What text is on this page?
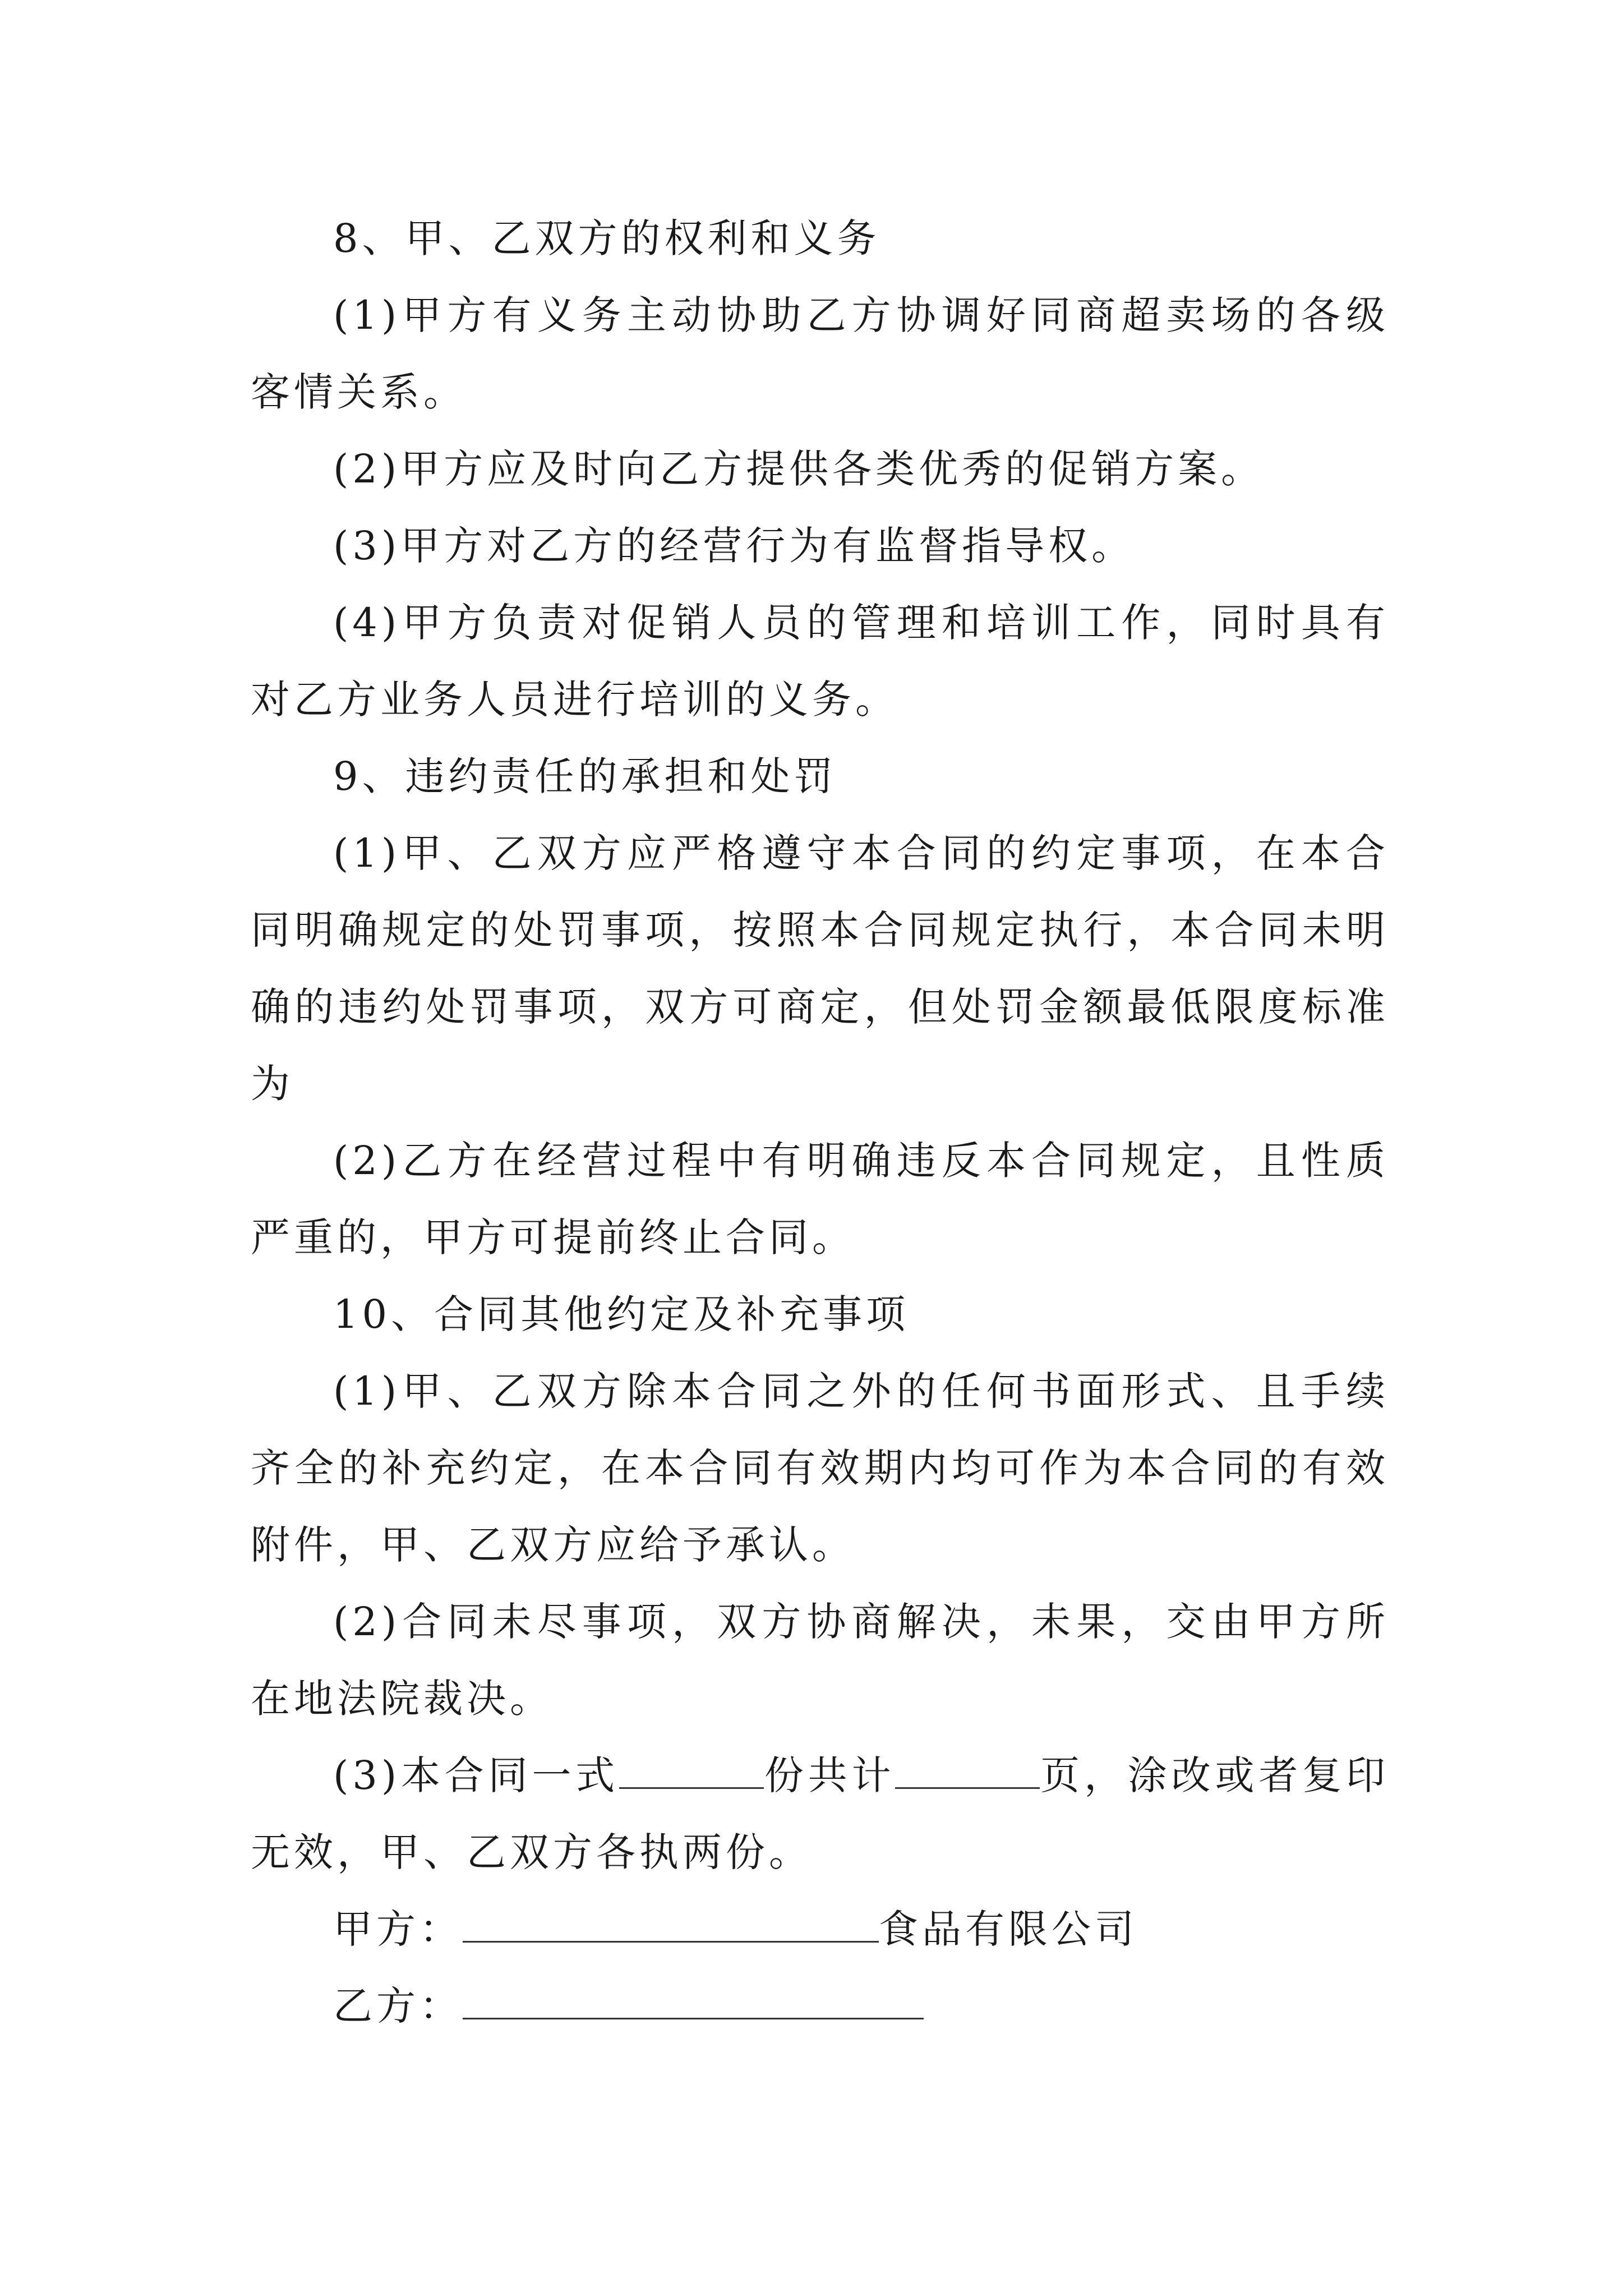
8、甲、乙双方的权利和义务

(1)甲方有义务主动协助乙方协调好同商超卖场的各级客情关系。

(2)甲方应及时向乙方提供各类优秀的促销方案。

(3)甲方对乙方的经营行为有监督指导权。

(4)甲方负责对促销人员的管理和培训工作，同时具有对乙方业务人员进行培训的义务。

9、违约责任的承担和处罚

(1)甲、乙双方应严格遵守本合同的约定事项，在本合同明确规定的处罚事项，按照本合同规定执行，本合同未明确的违约处罚事项，双方可商定，但处罚金额最低限度标准为

(2)乙方在经营过程中有明确违反本合同规定，且性质严重的，甲方可提前终止合同。

10、合同其他约定及补充事项

(1)甲、乙双方除本合同之外的任何书面形式、且手续齐全的补充约定，在本合同有效期内均可作为本合同的有效附件，甲、乙双方应给予承认。

(2)合同未尽事项，双方协商解决，未果，交由甲方所在地法院裁决。

(3)本合同一式	份共计	页，涂改或者复印无效，甲、乙双方各执两份。

甲方：	食品有限公司

乙方：
